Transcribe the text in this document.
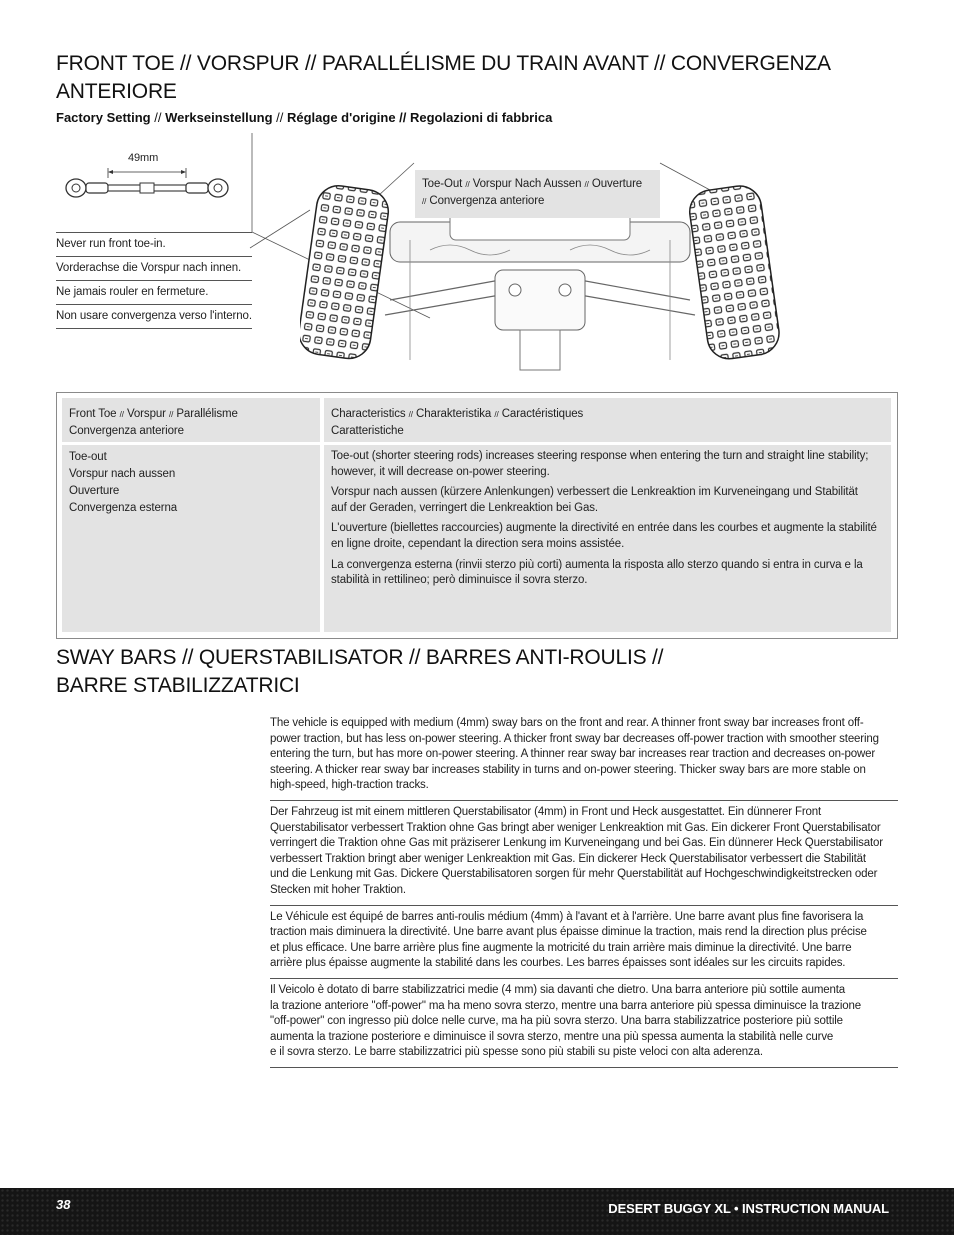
FRONT TOE // VORSPUR // PARALLÉLISME DU TRAIN AVANT // CONVERGENZA
ANTERIORE
Factory Setting // Werkseinstellung // Réglage d'origine // Regolazioni di fabbrica
49mm
Never run front toe-in.
Vorderachse die Vorspur nach innen.
Ne jamais rouler en fermeture.
Non usare convergenza verso l'interno.
Toe-Out // Vorspur Nach Aussen // Ouverture
// Convergenza anteriore
Front Toe // Vorspur // Parallélisme
Convergenza anteriore
Characteristics // Charakteristika // Caractéristiques
Caratteristiche
Toe-out
Vorspur nach aussen
Ouverture
Convergenza esterna
Toe-out (shorter steering rods) increases steering response when entering the turn and straight line stability;
however, it will decrease on-power steering.
Vorspur nach aussen (kürzere Anlenkungen) verbessert die Lenkreaktion im Kurveneingang und Stabilität
auf der Geraden, verringert die Lenkreaktion bei Gas.
L'ouverture (biellettes raccourcies) augmente la directivité en entrée dans les courbes et augmente la stabilité
en ligne droite, cependant la direction sera moins assistée.
La convergenza esterna (rinvii sterzo più corti) aumenta la risposta allo sterzo quando si entra in curva e la
stabilità in rettilineo; però diminuisce il sovra sterzo.
SWAY BARS // QUERSTABILISATOR // BARRES ANTI-ROULIS //
BARRE STABILIZZATRICI
The vehicle is equipped with medium (4mm) sway bars on the front and rear. A thinner front sway bar increases front off-
power traction, but has less on-power steering. A thicker front sway bar decreases off-power traction with smoother steering
entering the turn, but has more on-power steering. A thinner rear sway bar increases rear traction and decreases on-power
steering. A thicker rear sway bar increases stability in turns and on-power steering. Thicker sway bars are more stable on
high-speed, high-traction tracks.
Der Fahrzeug ist mit einem mittleren Querstabilisator (4mm) in Front und Heck ausgestattet. Ein dünnerer Front
Querstabilisator verbessert Traktion ohne Gas bringt aber weniger Lenkreaktion mit Gas. Ein dickerer Front Querstabilisator
verringert die Traktion ohne Gas mit präziserer Lenkung im Kurveneingang und bei Gas. Ein dünnerer Heck Querstabilisator
verbessert Traktion bringt aber weniger Lenkreaktion mit Gas. Ein dickerer Heck Querstabilisator verbessert die Stabilität
und die Lenkung mit Gas. Dickere Querstabilisatoren sorgen für mehr Querstabilität auf Hochgeschwindigkeitstrecken oder
Stecken mit hoher Traktion.
Le Véhicule est équipé de barres anti-roulis médium (4mm) à l'avant et à l'arrière. Une barre avant plus fine favorisera la
traction mais diminuera la directivité. Une barre avant plus épaisse diminue la traction, mais rend la direction plus précise
et plus efficace. Une barre arrière plus fine augmente la motricité du train arrière mais diminue la directivité. Une barre
arrière plus épaisse augmente la stabilité dans les courbes. Les barres épaisses sont idéales sur les circuits rapides.
Il Veicolo è dotato di barre stabilizzatrici medie (4 mm) sia davanti che dietro. Una barra anteriore più sottile aumenta
la trazione anteriore "off-power" ma ha meno sovra sterzo, mentre una barra anteriore più spessa diminuisce la trazione
"off-power" con ingresso più dolce nelle curve, ma ha più sovra sterzo. Una barra stabilizzatrice posteriore più sottile
aumenta la trazione posteriore e diminuisce il sovra sterzo, mentre una più spessa aumenta la stabilità nelle curve
e il sovra sterzo. Le barre stabilizzatrici più spesse sono più stabili su piste veloci con alta aderenza.
38	DESERT BUGGY XL • INSTRUCTION MANUAL
